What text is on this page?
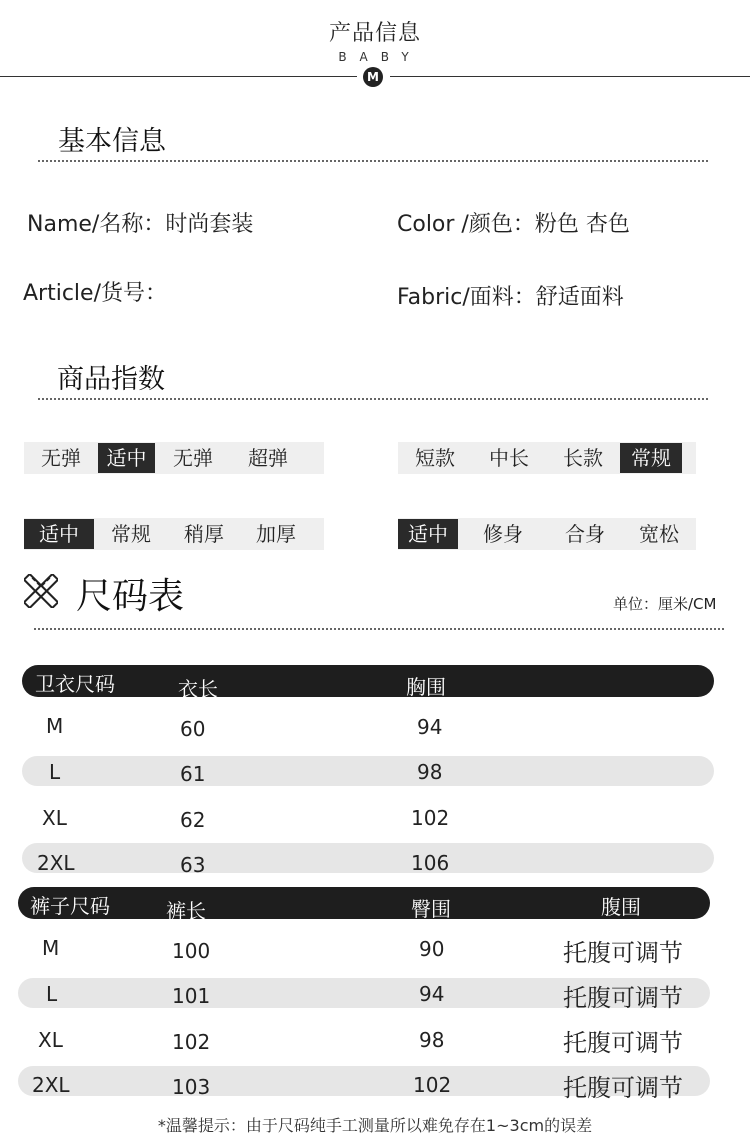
产品信息
BABY
M
基本信息
Name/名称：时尚套装	Color /颜色：粉色 杏色
Article/货号：	Fabric/面料：舒适面料
商品指数
无弹	适中	无弹	超弹	短款	中长	长款	常规
适中	常规	稍厚	加厚	适中	修身	合身	宽松
尺码表	单位：厘米/CM
卫衣尺码	衣长	胸围
M	60	94
L	61	98
XL	62	102
2XL	63	106
裤子尺码	裤长	臀围	腹围
M	100	90	托腹可调节
L	101	94	托腹可调节
XL	102	98	托腹可调节
2XL	103	102	托腹可调节
*温馨提示：由于尺码纯手工测量所以难免存在1~3cm的误差
